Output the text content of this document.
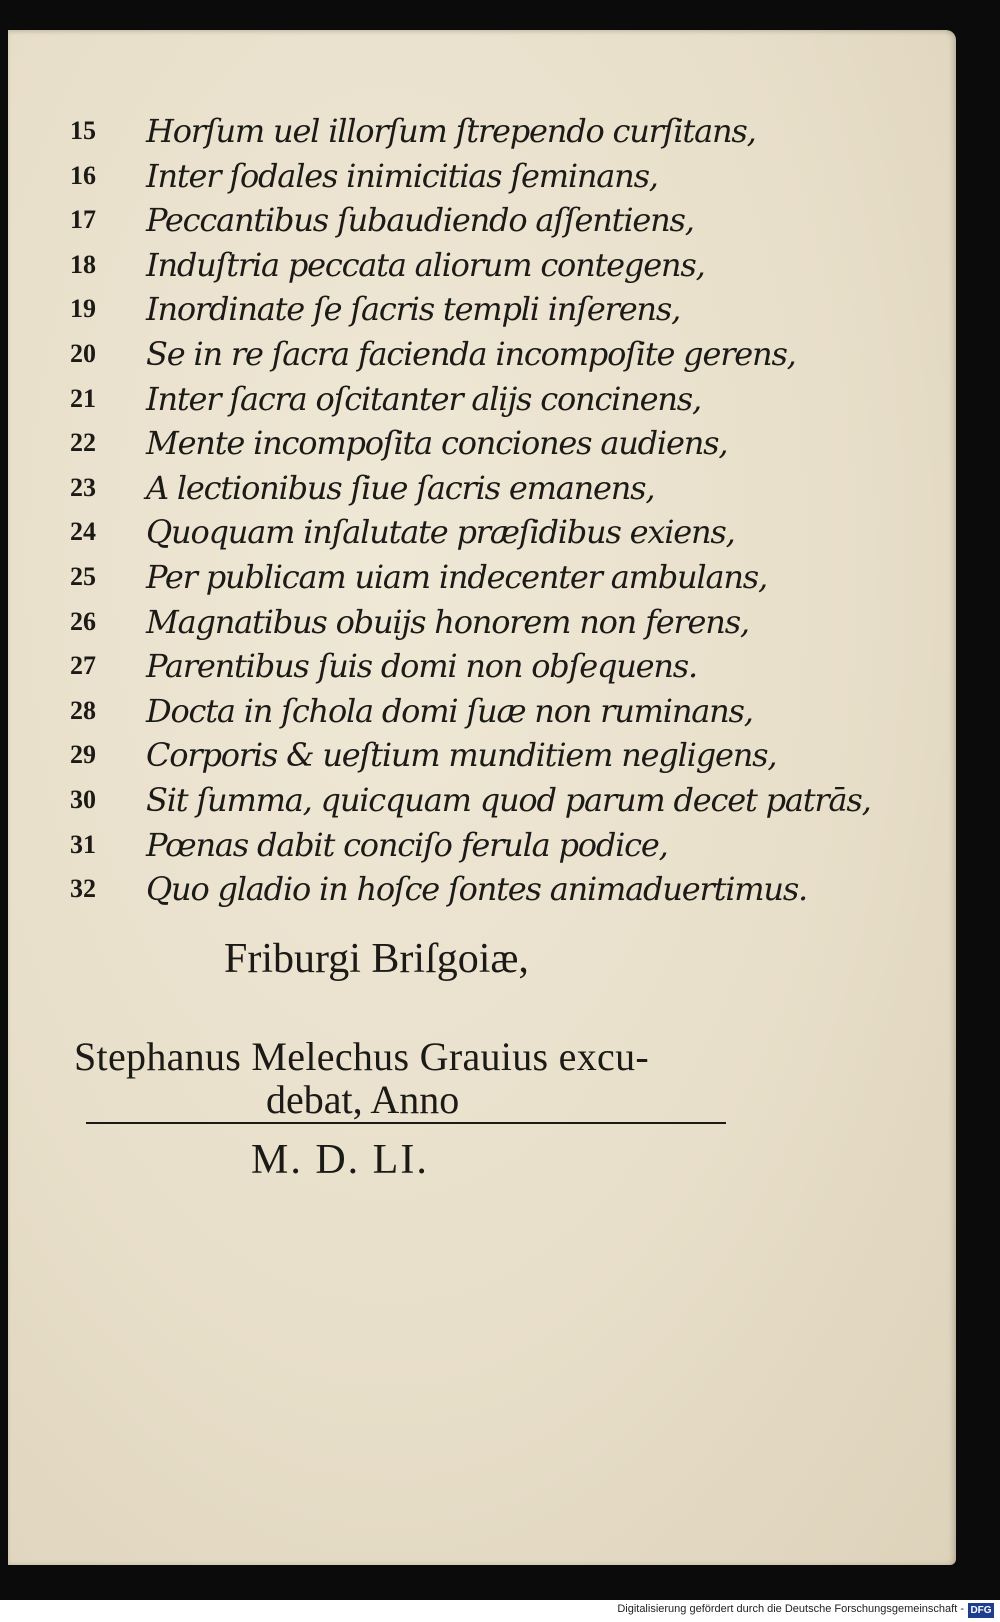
15 Horſum uel illorſum ſtrependo curſitans,
16 Inter ſodales inimicitias ſeminans,
17 Peccantibus ſubaudiendo aſſentiens,
18 Induſtria peccata aliorum contegens,
19 Inordinate ſe ſacris templi inſerens,
20 Se in re ſacra facienda incompoſite gerens,
21 Inter ſacra oſcitanter alijs concinens,
22 Mente incompoſita conciones audiens,
23 A lectionibus ſiue ſacris emanens,
24 Quoquam inſalutate præſidibus exiens,
25 Per publicam uiam indecenter ambulans,
26 Magnatibus obuijs honorem non ferens,
27 Parentibus ſuis domi non obſequens.
28 Docta in ſchola domi ſuæ non ruminans,
29 Corporis & ueſtium munditiem negligens,
30 Sit ſumma, quicquam quod parum decet patrās,
31 Pœnas dabit conciſo ferula podice,
32 Quo gladio in hoſce ſontes animaduertimus.
Friburgi Briſgoiæ,
Stephanus Melechus Grauius excu-
debat, Anno
M. D. LI.
Digitalisierung gefördert durch die Deutsche Forschungsgemeinschaft - DFG
